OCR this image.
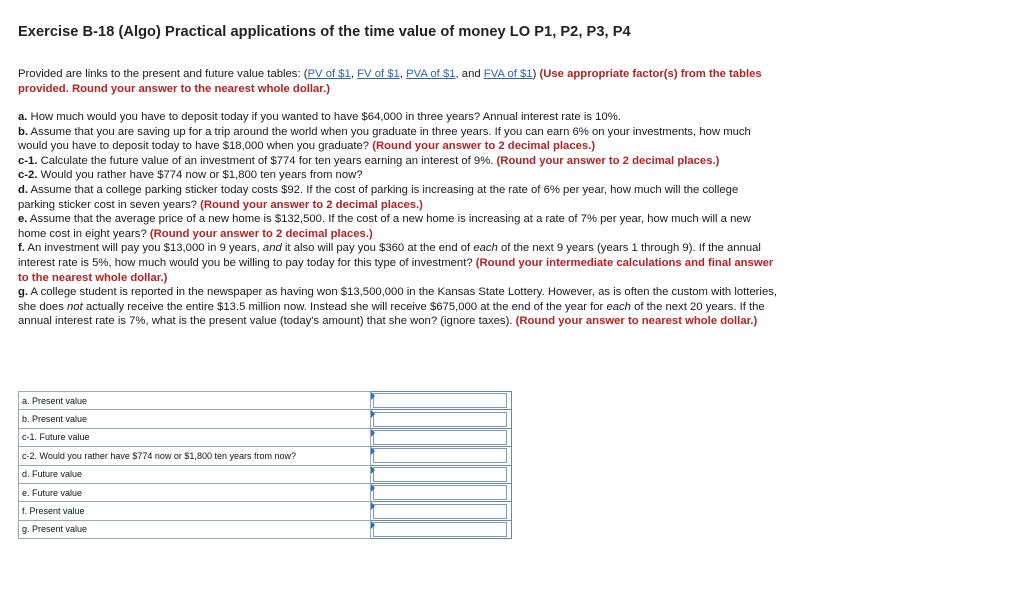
Exercise B-18 (Algo) Practical applications of the time value of money LO P1, P2, P3, P4
Provided are links to the present and future value tables: (PV of $1, FV of $1, PVA of $1, and FVA of $1) (Use appropriate factor(s) from the tables provided. Round your answer to the nearest whole dollar.)

a. How much would you have to deposit today if you wanted to have $64,000 in three years? Annual interest rate is 10%.

b. Assume that you are saving up for a trip around the world when you graduate in three years. If you can earn 6% on your investments, how much would you have to deposit today to have $18,000 when you graduate? (Round your answer to 2 decimal places.)

c-1. Calculate the future value of an investment of $774 for ten years earning an interest of 9%. (Round your answer to 2 decimal places.)

c-2. Would you rather have $774 now or $1,800 ten years from now?

d. Assume that a college parking sticker today costs $92. If the cost of parking is increasing at the rate of 6% per year, how much will the college parking sticker cost in seven years? (Round your answer to 2 decimal places.)

e. Assume that the average price of a new home is $132,500. If the cost of a new home is increasing at a rate of 7% per year, how much will a new home cost in eight years? (Round your answer to 2 decimal places.)

f. An investment will pay you $13,000 in 9 years, and it also will pay you $360 at the end of each of the next 9 years (years 1 through 9). If the annual interest rate is 5%, how much would you be willing to pay today for this type of investment? (Round your intermediate calculations and final answer to the nearest whole dollar.)

g. A college student is reported in the newspaper as having won $13,500,000 in the Kansas State Lottery. However, as is often the custom with lotteries, she does not actually receive the entire $13.5 million now. Instead she will receive $675,000 at the end of the year for each of the next 20 years. If the annual interest rate is 7%, what is the present value (today's amount) that she won? (ignore taxes). (Round your answer to nearest whole dollar.)

a. Present value	

b. Present value	

c-1. Future value	

c-2. Would you rather have $774 now or $1,800 ten years from now?	

d. Future value	

e. Future value	

f. Present value	

g. Present value	
